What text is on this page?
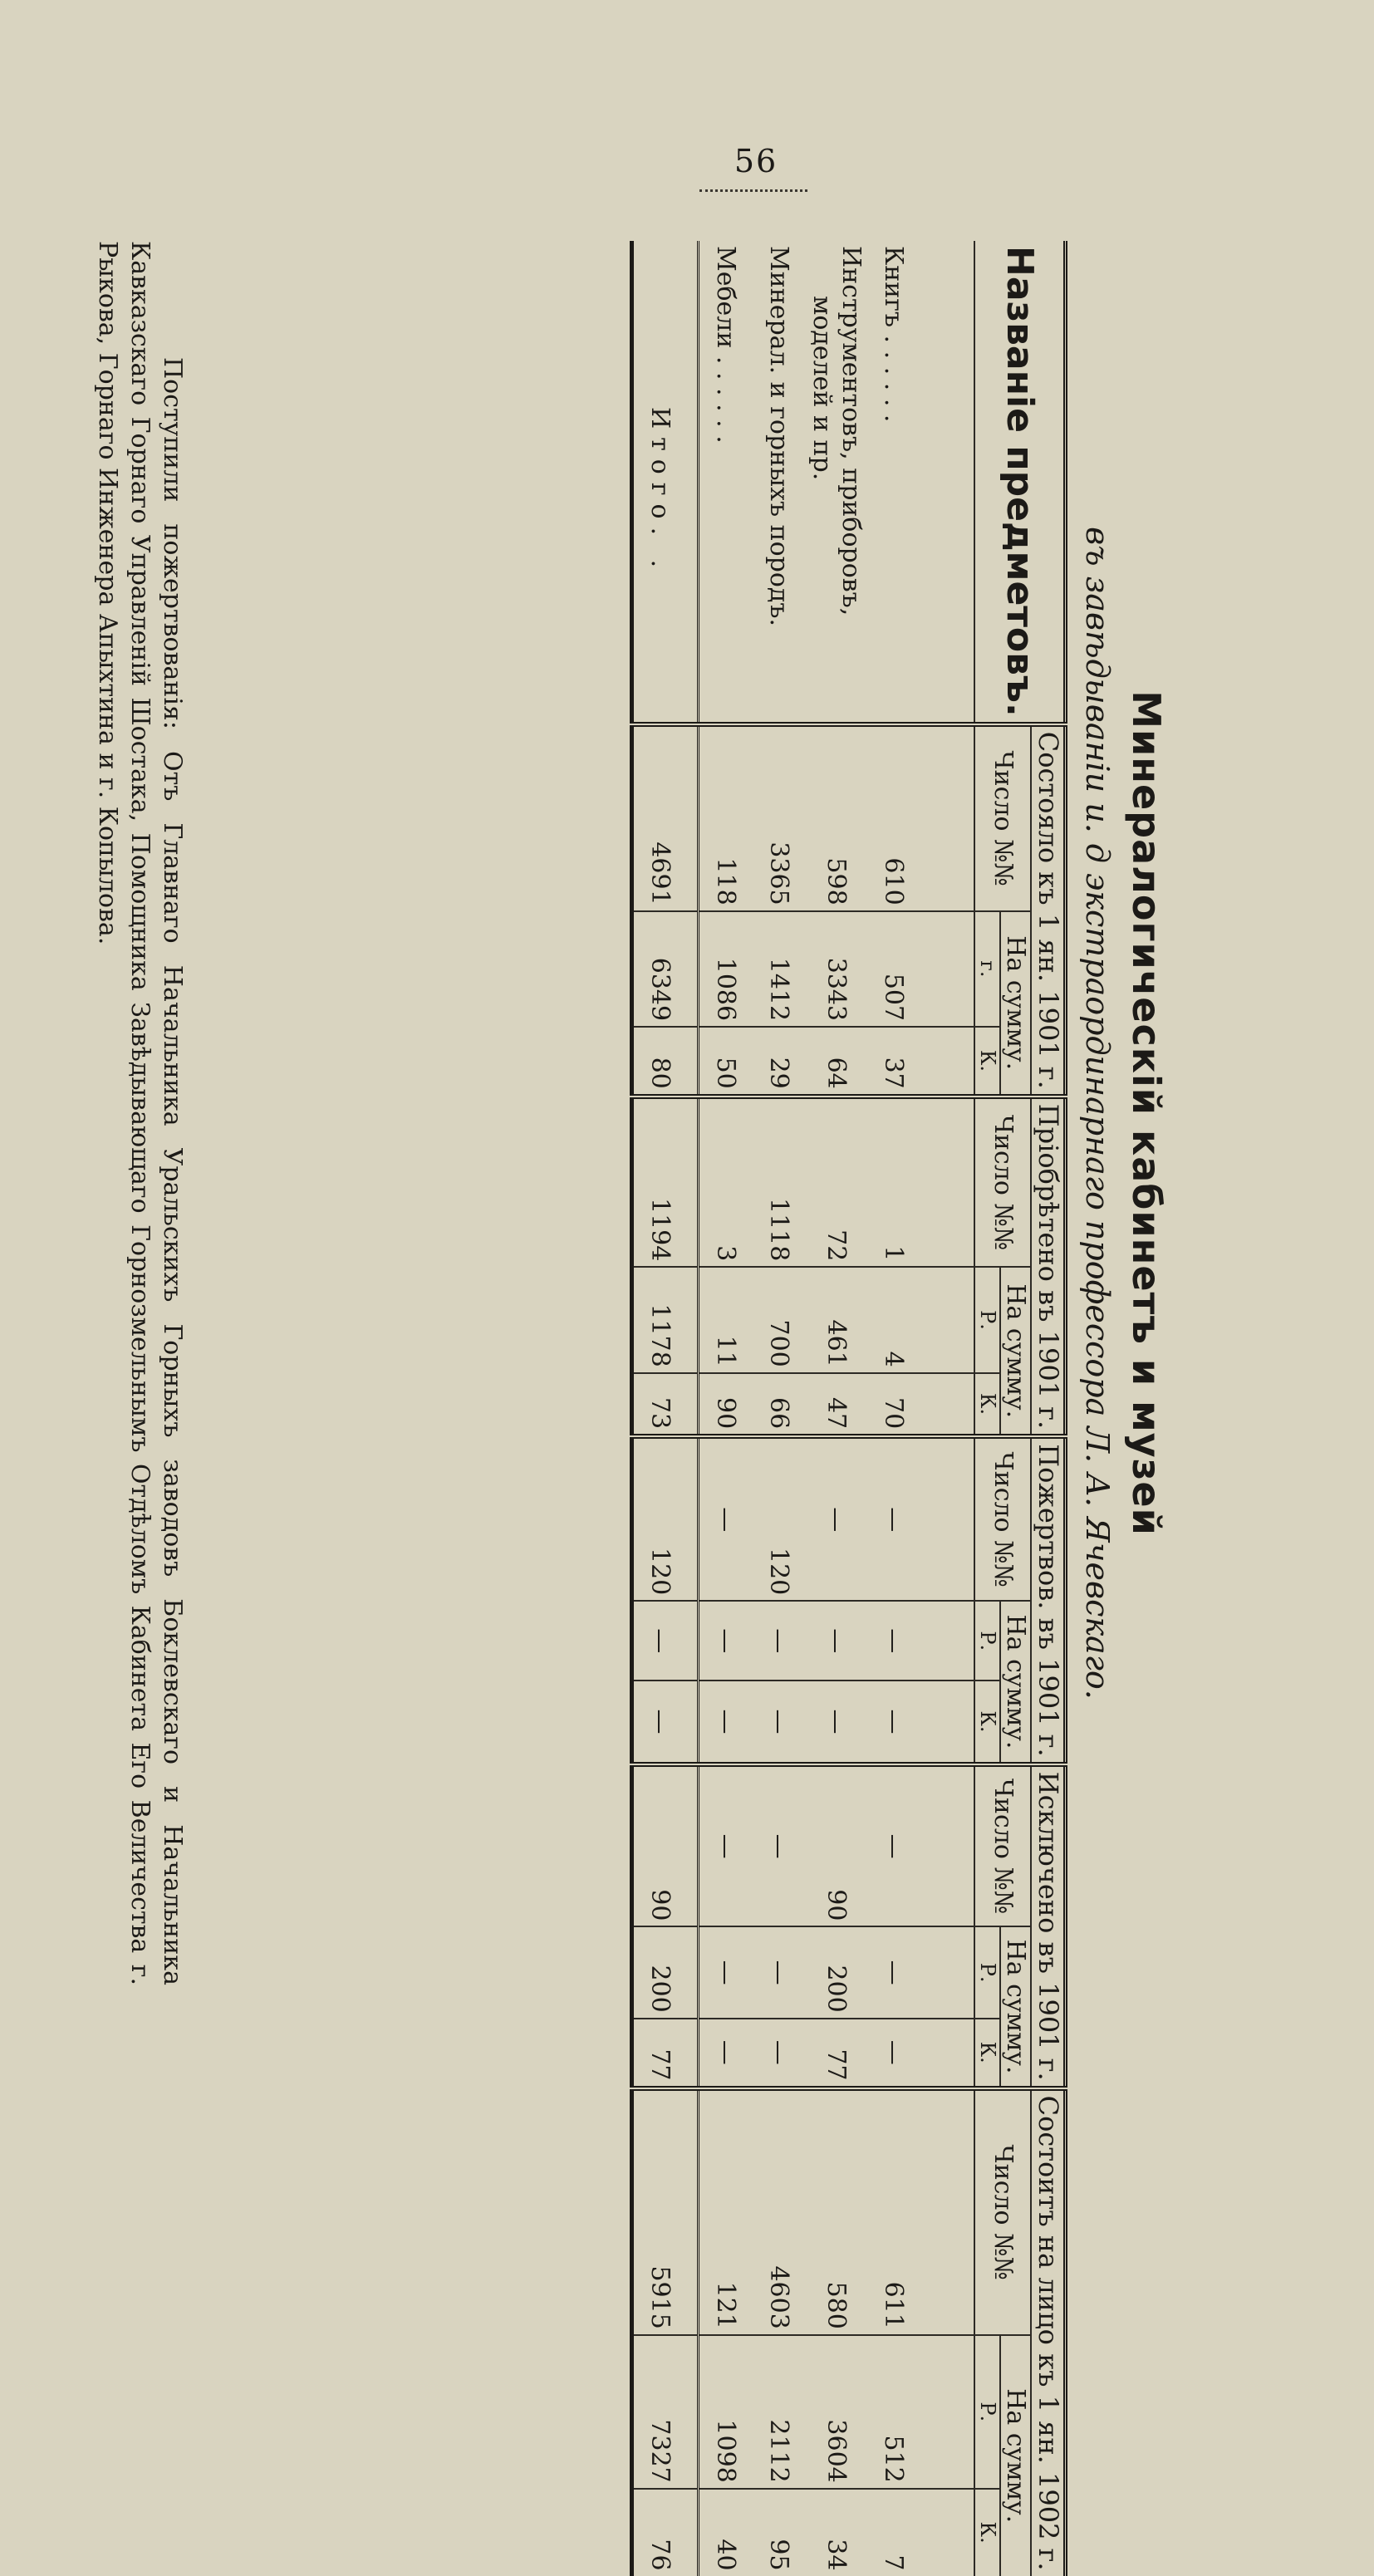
56
Минералогическій кабинетъ и музей
въ завѣдываніи и. д экстраординарнаго профессора Л. А. Ячевскаго.
Названіе предметовъ.	Состояло къ 1 ян. 1901 г.			Пріобрѣтено въ 1901 г.			Пожертвов. въ 1901 г.			Исключено въ 1901 г.			Состоитъ на лицо къ 1 ян. 1902 г.		
	Число №№	На сумму.		Число №№	На сумму.		Число №№	На сумму.		Число №№	На сумму.		Число №№	На сумму.	
		г.	К.		Р.	К.		Р.	К.		Р.	К.		Р.	К.

Книгъ . . . . . .	610	507	37	1	4	70	—	—	—	—	—	—	611	512	7

Инструментовъ, приборовъ,
моделей и пр.	598	3343	64	72	461	47	—	—	—	90	200	77	580	3604	34

Минерал. и горныхъ породъ.	3365	1412	29	1118	700	66	120	—	—	—	—	—	4603	2112	95

Мебели . . . . . .	118	1086	50	3	11	90	—	—	—	—	—	—	121	1098	40

Итого. .	4691	6349	80	1194	1178	73	120	—	—	90	200	77	5915	7327	76
Поступили пожертвованія: Отъ Главнаго Начальника Уральскихъ Горныхъ заводовъ Боклевскаго и Начальника Кавказскаго Горнаго Управленій Шостака, Помощника Завѣдывающаго Горнозмельнымъ Отдѣломъ Кабинета Его Величества г. Рыкова, Горнаго Инженера Апыхтина и г. Копылова.
